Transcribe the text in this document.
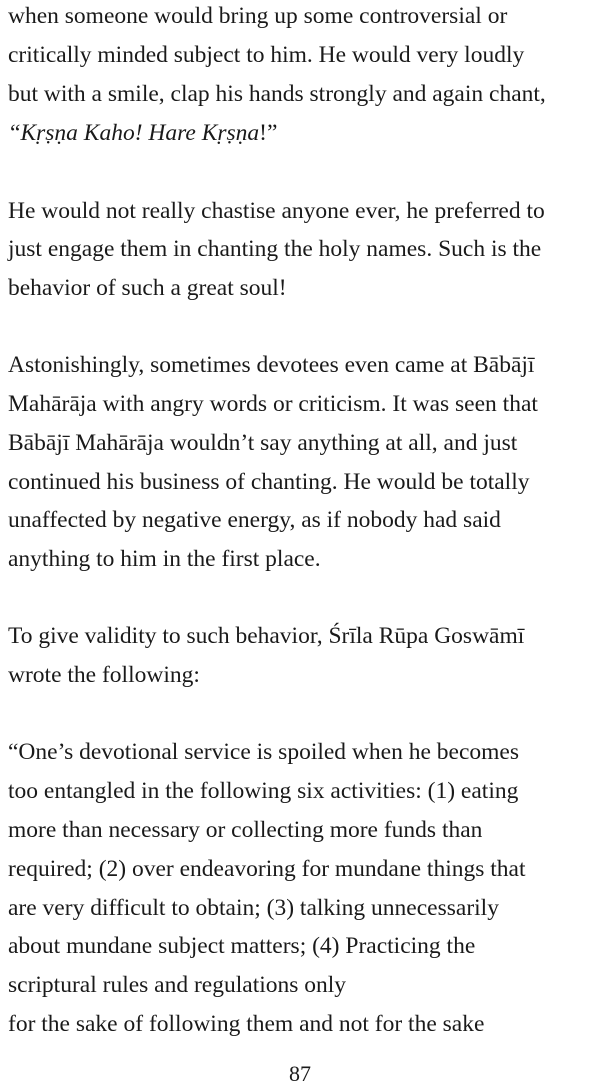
when someone would bring up some controversial or
critically minded subject to him. He would very loudly
but with a smile, clap his hands strongly and again chant,
“Kṛṣṇa Kaho! Hare Kṛṣṇa!”
He would not really chastise anyone ever, he preferred to
just engage them in chanting the holy names. Such is the
behavior of such a great soul!
Astonishingly, sometimes devotees even came at Bābājī
Mahārāja with angry words or criticism. It was seen that
Bābājī Mahārāja wouldn’t say anything at all, and just
continued his business of chanting. He would be totally
unaffected by negative energy, as if nobody had said
anything to him in the first place.
To give validity to such behavior, Śrīla Rūpa Goswāmī
wrote the following:
“One’s devotional service is spoiled when he becomes
too entangled in the following six activities: (1) eating
more than necessary or collecting more funds than
required; (2) over endeavoring for mundane things that
are very difficult to obtain; (3) talking unnecessarily
about mundane subject matters; (4) Practicing the
scriptural rules and regulations only
for the sake of following them and not for the sake
87
